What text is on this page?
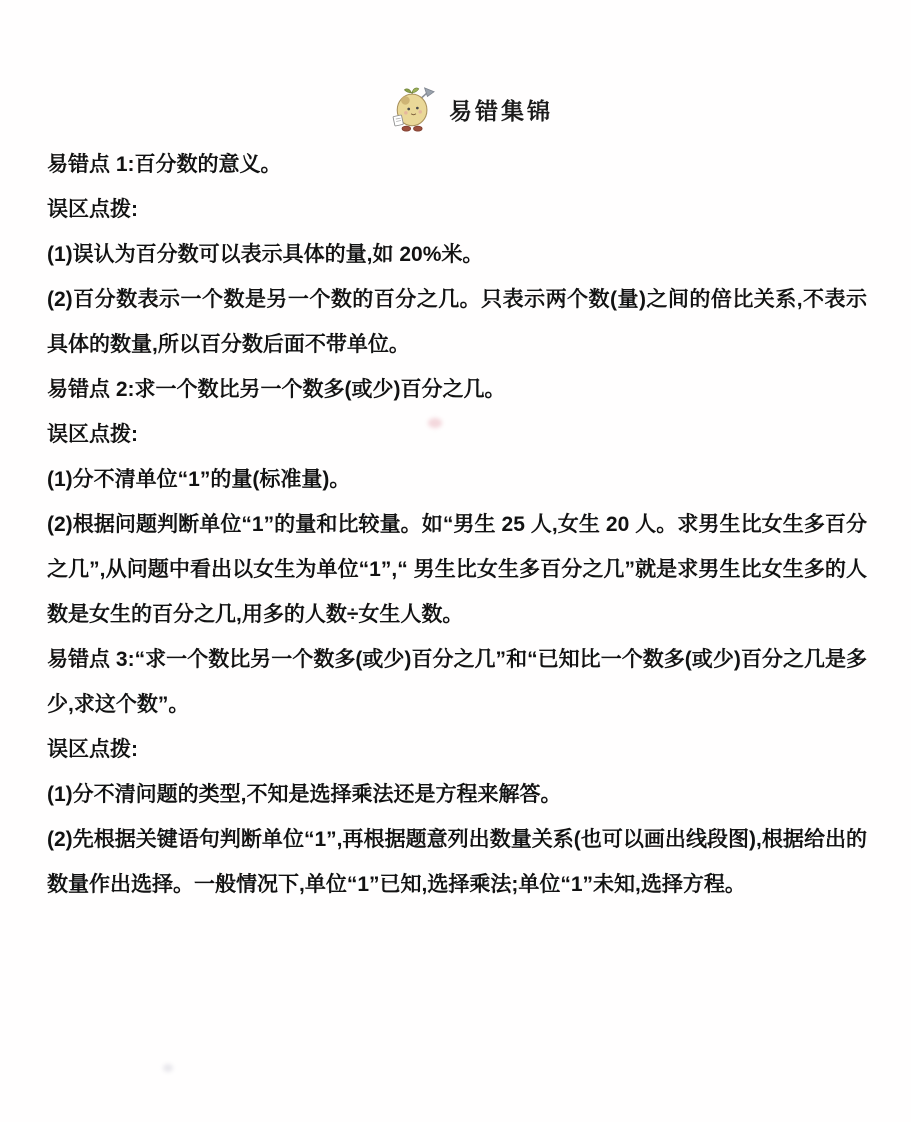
易错集锦

易错点 1:百分数的意义。

误区点拨:

(1)误认为百分数可以表示具体的量,如 20%米。

(2)百分数表示一个数是另一个数的百分之几。只表示两个数(量)之间的倍比关系,不表示具体的数量,所以百分数后面不带单位。

易错点 2:求一个数比另一个数多(或少)百分之几。

误区点拨:

(1)分不清单位“1”的量(标准量)。

(2)根据问题判断单位“1”的量和比较量。如“男生 25 人,女生 20 人。求男生比女生多百分之几”,从问题中看出以女生为单位“1”,“ 男生比女生多百分之几”就是求男生比女生多的人数是女生的百分之几,用多的人数÷女生人数。

易错点 3:“求一个数比另一个数多(或少)百分之几”和“已知比一个数多(或少)百分之几是多少,求这个数”。

误区点拨:

(1)分不清问题的类型,不知是选择乘法还是方程来解答。

(2)先根据关键语句判断单位“1”,再根据题意列出数量关系(也可以画出线段图),根据给出的数量作出选择。一般情况下,单位“1”已知,选择乘法;单位“1”未知,选择方程。
